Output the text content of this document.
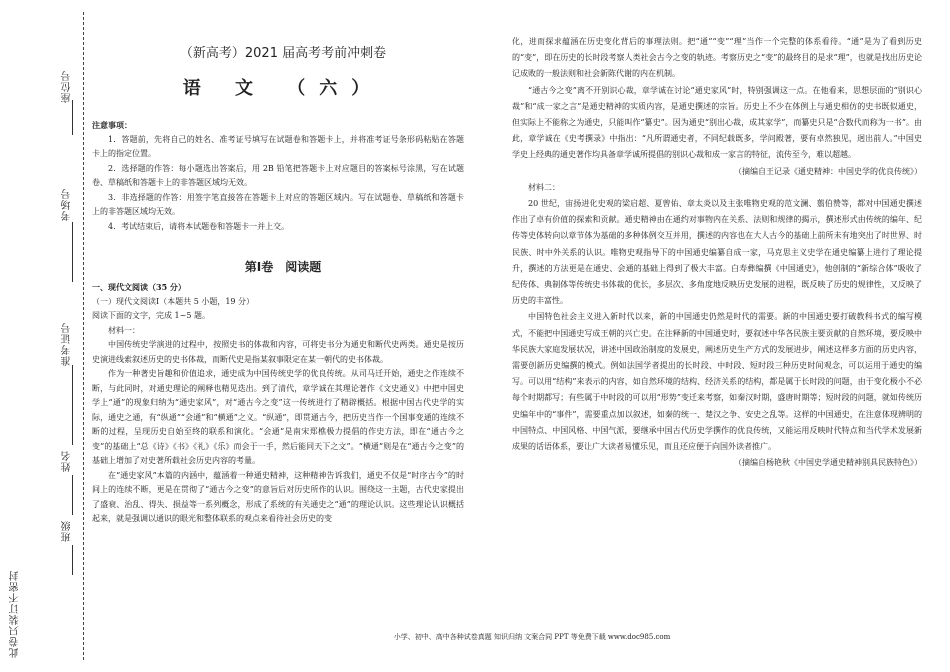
座位号
考场号
准考证号
姓名
班级
此卷只装订不密封
（新高考）2021 届高考考前冲刺卷
语 文 （六）

注意事项：

1．答题前，先将自己的姓名、准考证号填写在试题卷和答题卡上，并将准考证号条形码粘贴在答题卡上的指定位置。

2．选择题的作答：每小题选出答案后，用 2B 铅笔把答题卡上对应题目的答案标号涂黑，写在试题卷、草稿纸和答题卡上的非答题区域均无效。

3．非选择题的作答：用签字笔直接答在答题卡上对应的答题区域内。写在试题卷、草稿纸和答题卡上的非答题区域均无效。

4．考试结束后，请将本试题卷和答题卡一并上交。

第Ⅰ卷　阅读题

一、现代文阅读（35 分）

（一）现代文阅读Ⅰ（本题共 5 小题，19 分）

阅读下面的文字，完成 1~5 题。

材料一：

中国传统史学演进的过程中，按照史书的体裁和内容，可将史书分为通史和断代史两类。通史是按历史演进线索叙述历史的史书体裁，而断代史是指某叙事限定在某一朝代的史书体裁。

作为一种著史旨趣和价值追求，通史成为中国传统史学的优良传统。从司马迁开始，通史之作连续不断，与此同时，对通史理论的阐释也精见迭出。到了清代，章学诚在其理论著作《文史通义》中把中国史学上“通”的现象归纳为“通史家风”，对“通古今之变”这一传统进行了精辟概括。根据中国古代史学的实际，通史之通，有“纵通”“会通”和“横通”之义。“纵通”，即贯通古今，把历史当作一个国事变通的连续不断的过程，呈现历史自始至终的联系和演化。“会通”是南宋郑樵极力提倡的作史方法，即在“通古今之变”的基础上“总《诗》《书》《礼》《乐》而会于一手，然后能同天下之文”。“横通”则是在“通古今之变”的基础上增加了对史著所载社会历史内容的考量。

在“通史家风”本篇的内涵中，蕴涵着一种通史精神，这种精神告诉我们，通史不仅是“时序古今”的时间上的连续不断，更是在贯彻了“通古今之变”的意旨后对历史所作的认识。围绕这一主题，古代史家提出了盛衰、治乱、得失、损益等一系列概念，形成了系统的有关通史之“通”的理论认识。这些理论认识概括起来，就是强调以通识的眼光和整体联系的观点来看待社会历史的变

化，进而探求蕴涵在历史变化背后的事理法则。把“通”“变”“理”当作一个完整的体系看待。“通”是为了看到历史的“变”，即在历史的长时段考察人类社会古今之变的轨迹。考察历史之“变”的最终目的是求“理”，也就是找出历史论记成败的一般法则和社会新陈代谢的内在机制。

“通古今之变”离不开别识心裁，章学诚在讨论“通史家风”时，特别强调这一点。在他看来，思想层面的“别识心裁”和“成一家之言”是通史精神的实质内容，是通史撰述的宗旨。历史上不少在体例上与通史相仿的史书既似通史，但实际上不能称之为通史，只能叫作“纂史”。因为通史“别出心裁，成其家学”，而纂史只是“合数代而称为一书”。由此，章学诚在《史考撰录》中指出：“凡所谓通史者，不同纪载既多，学问殿著，要有卓然独见，迥出前人。”中国史学史上经典的通史著作均具备章学诚所提倡的别识心裁和成一家言的特征，流传至今，难以超越。

（摘编自王记录《通史精神：中国史学的优良传统》）

材料二：

20 世纪，宙扬进化史观的梁启超、夏曾佑、章太炎以及主张唯物史观的范文澜、翦伯赞等，都对中国通史撰述作出了卓有价值的探索和贡献。通史精神由在通约对事物内在关系、法则和规律的揭示，撰述形式由传统的编年、纪传等史体转向以章节体为基础的多种体例交互并用，撰述的内容也在大人古今的基础上前所未有地突出了时世界、时民族、时中外关系的认识。唯物史观指导下的中国通史编纂自成一家，马克思主义史学在通史编纂上进行了理论提升，撰述的方法更是在通史、会通的基础上得到了极大丰富。白寿彝编撰《中国通史》，他创制的“新综合体”吸收了纪传体、典制体等传统史书体裁的优长，多层次、多角度地反映历史发展的进程，既反映了历史的规律性，又反映了历史的丰富性。

中国特色社会主义进入新时代以来，新的中国通史仍然是时代的需要。新的中国通史要打破教科书式的编写模式，不能把中国通史写成王朝的兴亡史。在注释新的中国通史时，要叙述中华各民族主要贡献的自然环境，要反映中华民族大家庭发展状况，讲述中国政治制度的发展史，阐述历史生产方式的发展进步，阐述这样多方面的历史内容，需要创新历史编撰的模式。例如法国学者提出的长时段、中时段、短时段三种历史时间观念，可以运用于通史的编写。可以用“结构”来表示的内容，如自然环境的结构、经济关系的结构，都是属于长时段的问题，由于变化极小不必每个时期都写；有些属于中时段的可以用“形势”变迁来考察，如秦汉时期，盛唐时期等；短时段的问题，就如传统历史编年中的“事件”，需要重点加以叙述，如秦的统一、楚汉之争、安史之乱等。这样的中国通史，在注意体现辨明的中国特点、中国风格、中国气派，要继承中国古代历史学撰作的优良传统，又能运用反映时代特点和当代学术发展新成果的话语体系，要让广大读者易懂乐见，而且还应便于向国外读者推广。

（摘编自杨艳秋《中国史学通史精神别具民族特色》）

小学、初中、高中各种试卷真题 知识归纳 文案合同 PPT 等免费下载 www.doc985.com
